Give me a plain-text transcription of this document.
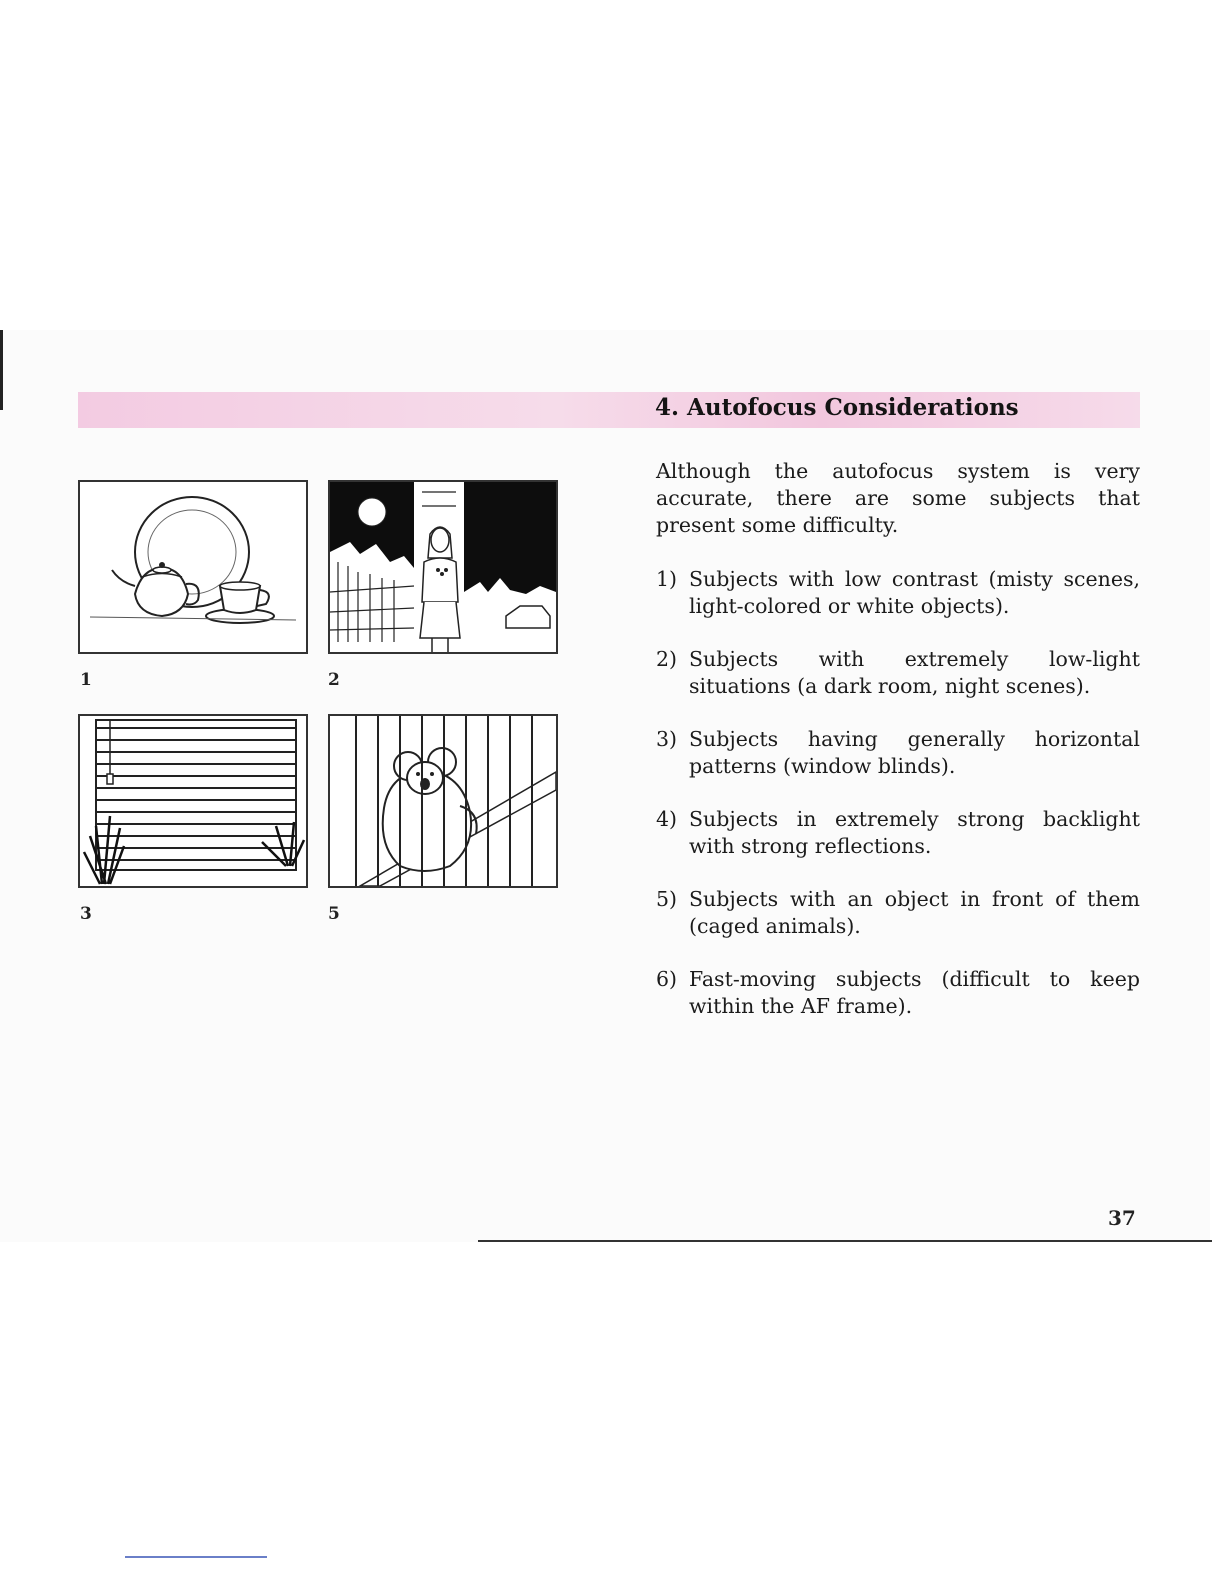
4. Autofocus Considerations
1	2
3	5
Although the autofocus system is very accurate, there are some subjects that present some difficulty.
1) Subjects with low contrast (misty scenes, light-colored or white objects).
2) Subjects with extremely low-light situations (a dark room, night scenes).
3) Subjects having generally horizontal patterns (window blinds).
4) Subjects in extremely strong backlight with strong reflections.
5) Subjects with an object in front of them (caged animals).
6) Fast-moving subjects (difficult to keep within the AF frame).
37
